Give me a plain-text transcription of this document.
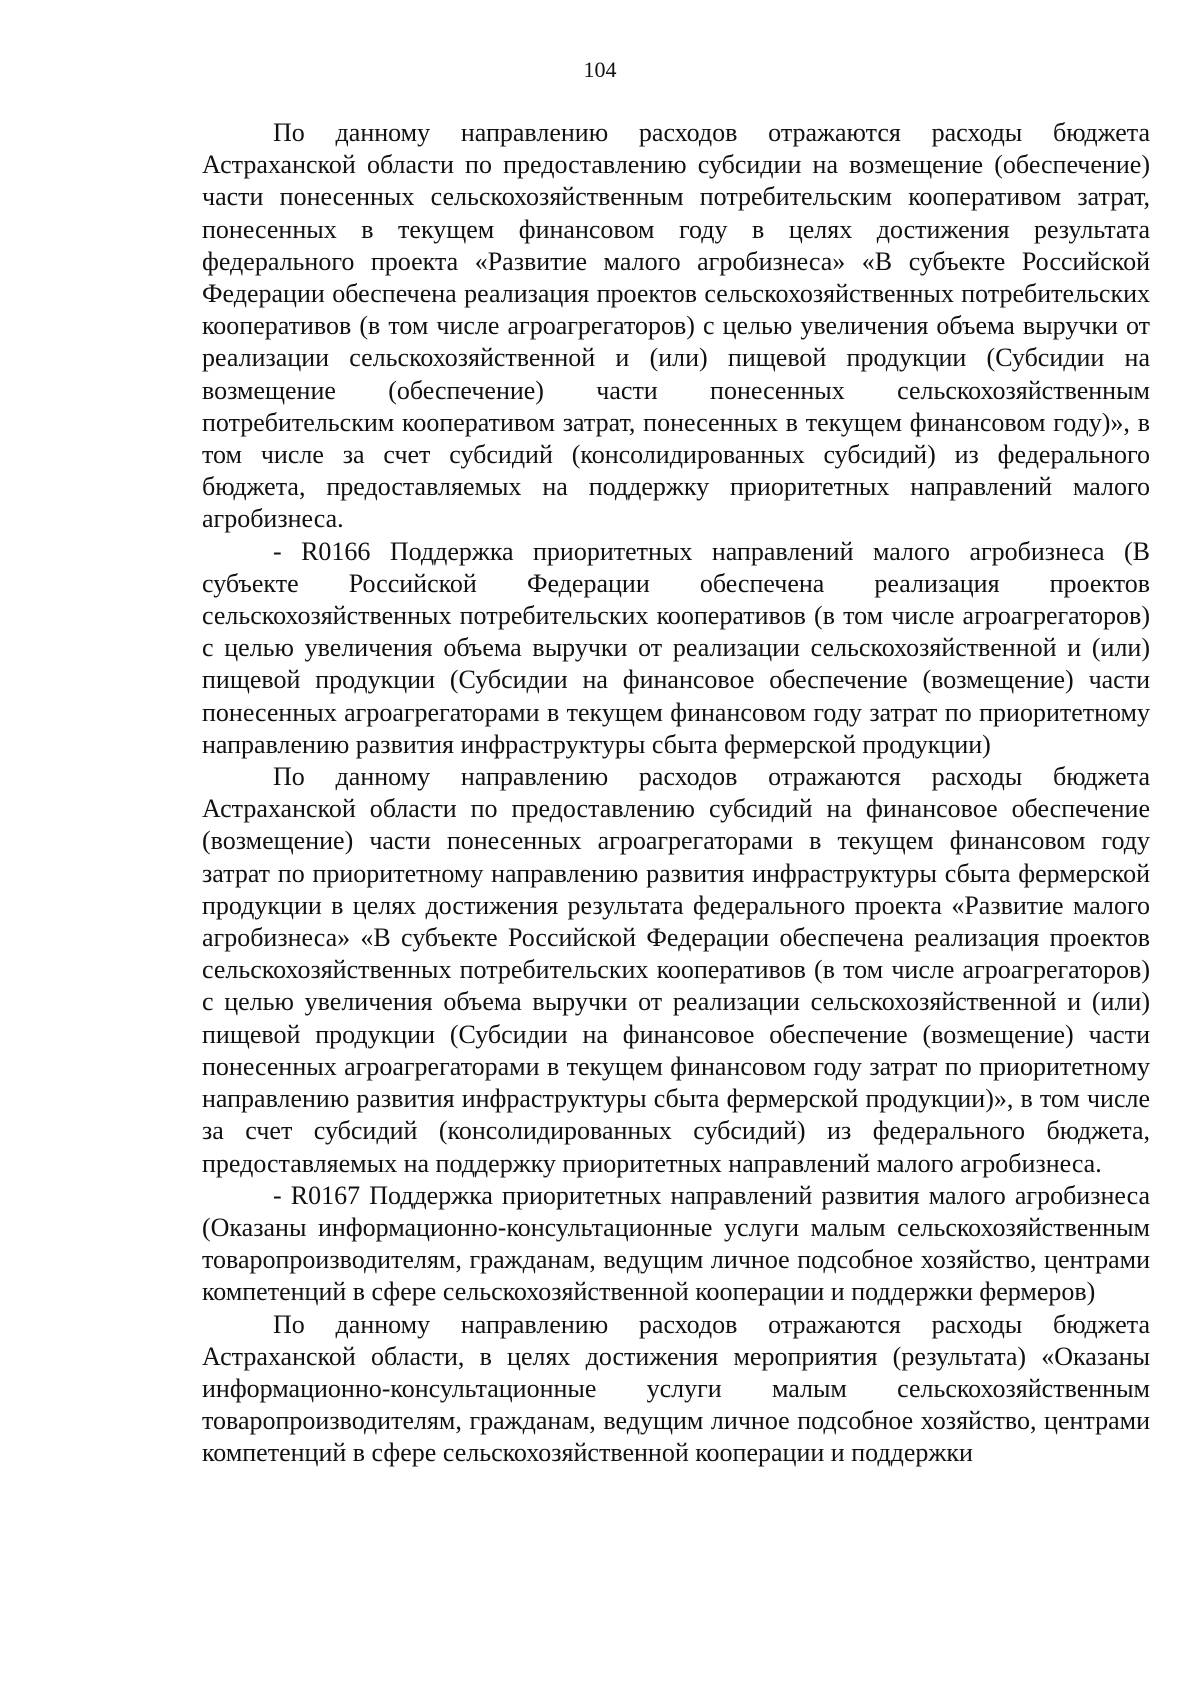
104

По данному направлению расходов отражаются расходы бюджета Астраханской области по предоставлению субсидии на возмещение (обеспечение) части понесенных сельскохозяйственным потребительским кооперативом затрат, понесенных в текущем финансовом году в целях достижения результата федерального проекта «Развитие малого агробизнеса» «В субъекте Российской Федерации обеспечена реализация проектов сельскохозяйственных потребительских кооперативов (в том числе агроагрегаторов) с целью увеличения объема выручки от реализации сельскохозяйственной и (или) пищевой продукции (Субсидии на возмещение (обеспечение) части понесенных сельскохозяйственным потребительским кооперативом затрат, понесенных в текущем финансовом году)», в том числе за счет субсидий (консолидированных субсидий) из федерального бюджета, предоставляемых на поддержку приоритетных направлений малого агробизнеса.

- R0166 Поддержка приоритетных направлений малого агробизнеса (В субъекте Российской Федерации обеспечена реализация проектов сельскохозяйственных потребительских кооперативов (в том числе агроагрегаторов) с целью увеличения объема выручки от реализации сельскохозяйственной и (или) пищевой продукции (Субсидии на финансовое обеспечение (возмещение) части понесенных агроагрегаторами в текущем финансовом году затрат по приоритетному направлению развития инфраструктуры сбыта фермерской продукции)

По данному направлению расходов отражаются расходы бюджета Астраханской области по предоставлению субсидий на финансовое обеспечение (возмещение) части понесенных агроагрегаторами в текущем финансовом году затрат по приоритетному направлению развития инфраструктуры сбыта фермерской продукции в целях достижения результата федерального проекта «Развитие малого агробизнеса» «В субъекте Российской Федерации обеспечена реализация проектов сельскохозяйственных потребительских кооперативов (в том числе агроагрегаторов) с целью увеличения объема выручки от реализации сельскохозяйственной и (или) пищевой продукции (Субсидии на финансовое обеспечение (возмещение) части понесенных агроагрегаторами в текущем финансовом году затрат по приоритетному направлению развития инфраструктуры сбыта фермерской продукции)», в том числе за счет субсидий (консолидированных субсидий) из федерального бюджета, предоставляемых на поддержку приоритетных направлений малого агробизнеса.

- R0167 Поддержка приоритетных направлений развития малого агробизнеса (Оказаны информационно-консультационные услуги малым сельскохозяйственным товаропроизводителям, гражданам, ведущим личное подсобное хозяйство, центрами компетенций в сфере сельскохозяйственной кооперации и поддержки фермеров)

По данному направлению расходов отражаются расходы бюджета Астраханской области, в целях достижения мероприятия (результата) «Оказаны информационно-консультационные услуги малым сельскохозяйственным товаропроизводителям, гражданам, ведущим личное подсобное хозяйство, центрами компетенций в сфере сельскохозяйственной кооперации и поддержки
